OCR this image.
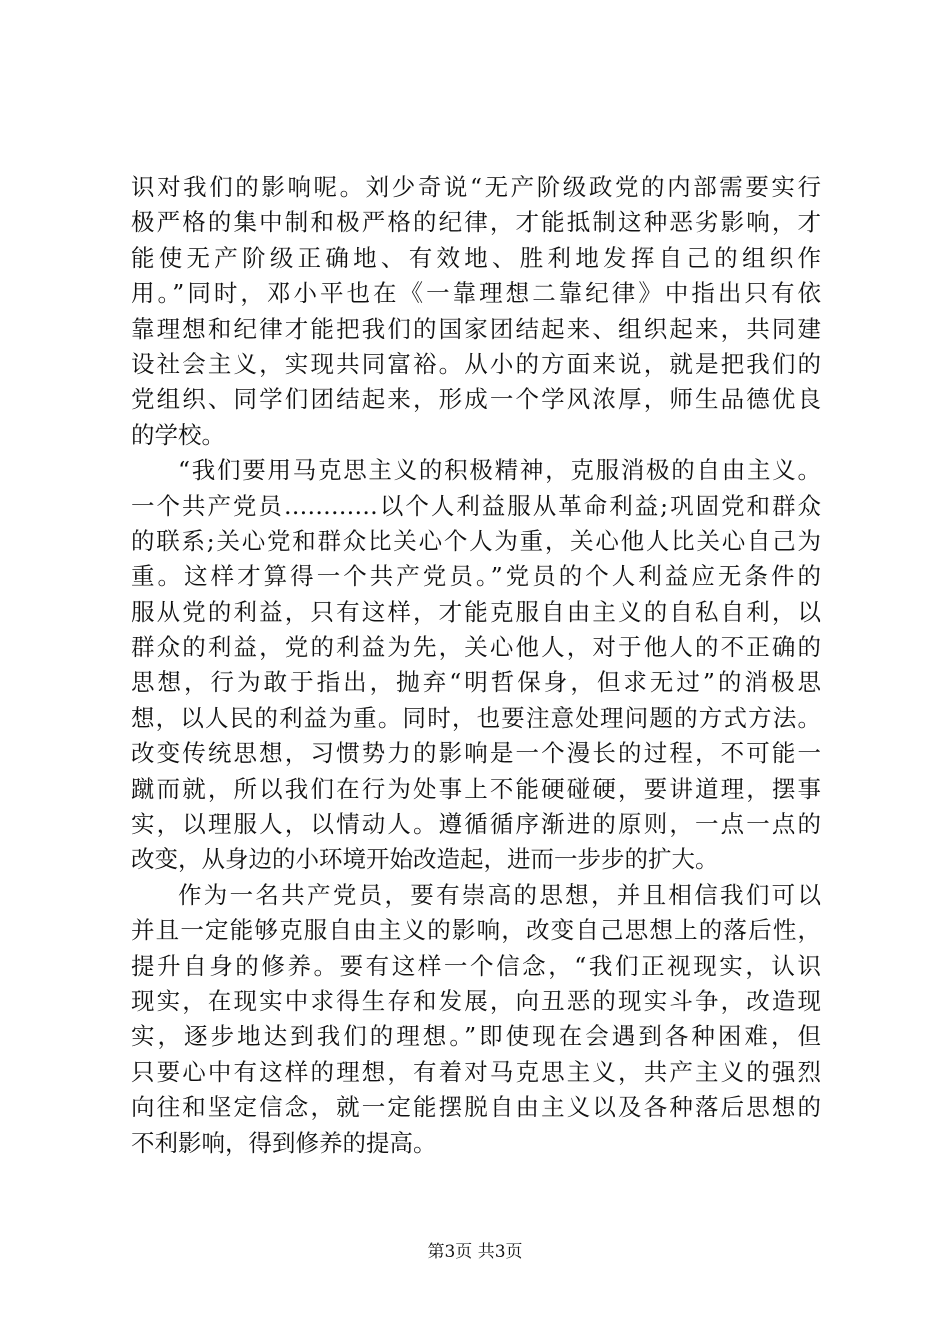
识对我们的影响呢。刘少奇说“无产阶级政党的内部需要实行
极严格的集中制和极严格的纪律，才能抵制这种恶劣影响，才
能使无产阶级正确地、有效地、胜利地发挥自己的组织作
用。”同时，邓小平也在《一靠理想二靠纪律》中指出只有依
靠理想和纪律才能把我们的国家团结起来、组织起来，共同建
设社会主义，实现共同富裕。从小的方面来说，就是把我们的
党组织、同学们团结起来，形成一个学风浓厚，师生品德优良
的学校。
“我们要用马克思主义的积极精神，克服消极的自由主义。
一个共产党员…………以个人利益服从革命利益;巩固党和群众
的联系;关心党和群众比关心个人为重，关心他人比关心自己为
重。这样才算得一个共产党员。”党员的个人利益应无条件的
服从党的利益，只有这样，才能克服自由主义的自私自利，以
群众的利益，党的利益为先，关心他人，对于他人的不正确的
思想，行为敢于指出，抛弃“明哲保身，但求无过”的消极思
想，以人民的利益为重。同时，也要注意处理问题的方式方法。
改变传统思想，习惯势力的影响是一个漫长的过程，不可能一
蹴而就，所以我们在行为处事上不能硬碰硬，要讲道理，摆事
实，以理服人，以情动人。遵循循序渐进的原则，一点一点的
改变，从身边的小环境开始改造起，进而一步步的扩大。
作为一名共产党员，要有崇高的思想，并且相信我们可以
并且一定能够克服自由主义的影响，改变自己思想上的落后性，
提升自身的修养。要有这样一个信念，“我们正视现实，认识
现实，在现实中求得生存和发展，向丑恶的现实斗争，改造现
实，逐步地达到我们的理想。”即使现在会遇到各种困难，但
只要心中有这样的理想，有着对马克思主义，共产主义的强烈
向往和坚定信念，就一定能摆脱自由主义以及各种落后思想的
不利影响，得到修养的提高。
第3页 共3页
